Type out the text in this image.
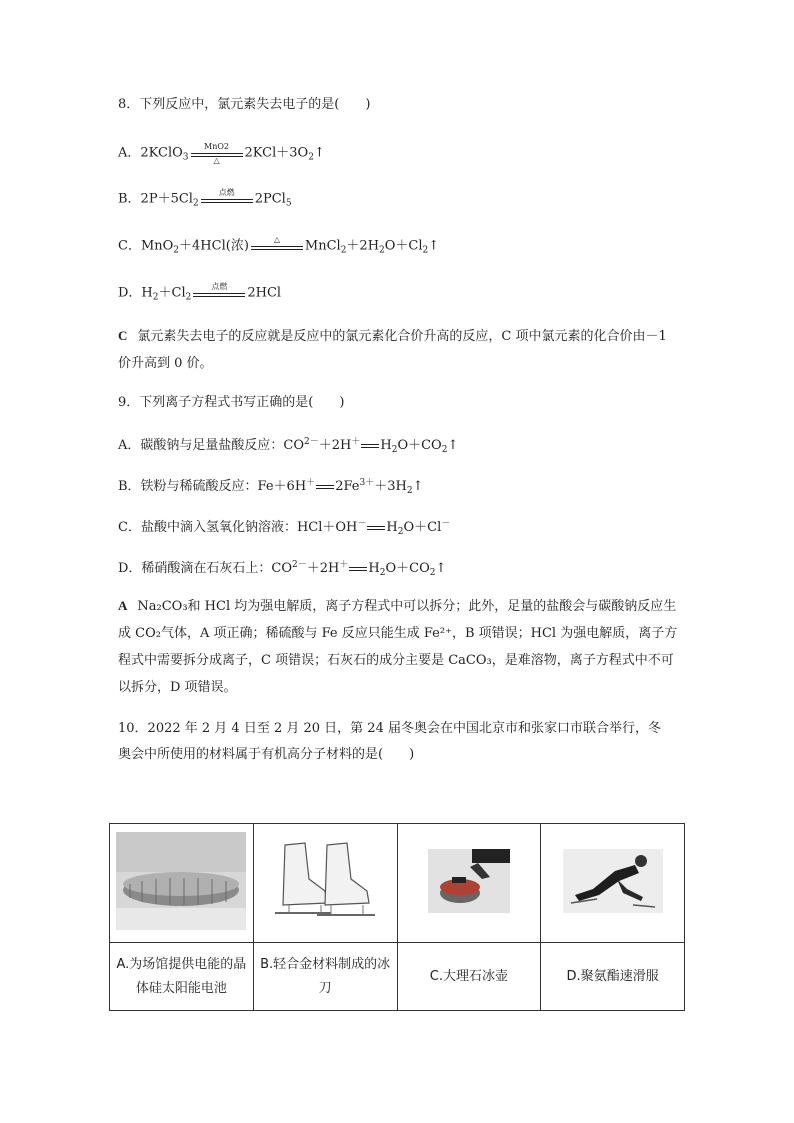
8．下列反应中，氯元素失去电子的是(　　)
A．2KClO$_3$
MnO2
△	$2KCl+3O_2↑$
B．$2P+5Cl_2$
点燃	2PCl$_5$
C．MnO$_2$＋4HCl(浓)	△	$MnCl_2+2H_2O+Cl_2↑$
D．$H_2+Cl_2$
点燃	2HCl
C 氯元素失去电子的反应就是反应中的氯元素化合价升高的反应，C 项中氯元素的化合价由－1 价升高到 0 价。
9．下列离子方程式书写正确的是(　　)
A．碳酸钠与足量盐酸反应：$CO^{2-}+2H^+$ $H_2O+CO_2↑$
B．铁粉与稀硫酸反应：Fe＋6H＋ $2Fe^{3+}+3H_2↑$
C．盐酸中滴入氢氧化钠溶液：HCl＋OH－ $H_2O+Cl^-$
D．稀硝酸滴在石灰石上：$CO^{2-}+2H^+$ $H_2O+CO_2↑$
A Na₂CO₃和 HCl 均为强电解质，离子方程式中可以拆分；此外，足量的盐酸会与碳酸钠反应生成 CO₂气体，A 项正确；稀硫酸与 Fe 反应只能生成 Fe²⁺，B 项错误；HCl 为强电解质，离子方程式中需要拆分成离子，C 项错误；石灰石的成分主要是 CaCO₃，是难溶物，离子方程式中不可以拆分，D 项错误。
10．2022 年 2 月 4 日至 2 月 20 日，第 24 届冬奥会在中国北京市和张家口市联合举行，冬
奥会中所使用的材料属于有机高分子材料的是(　　)

A.为场馆提供电能的晶体硅太阳能电池	B.轻合金材料制成的冰刀	C.大理石冰壶	D.聚氨酯速滑服
